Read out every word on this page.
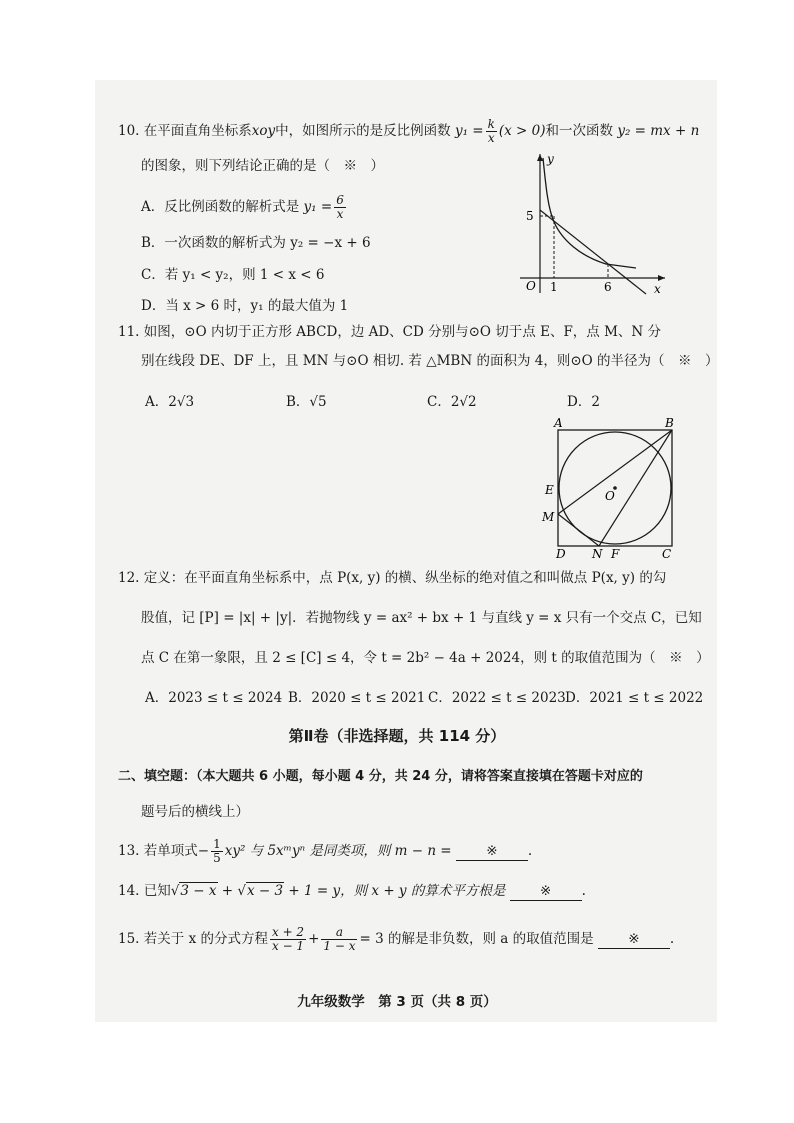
10. 在平面直角坐标系xoy中，如图所示的是反比例函数 $y_1 = \frac{k}{x} (x > 0)$和一次函数 y₂ = mx + n
的图象，则下列结论正确的是（　※　）
A．反比例函数的解析式是 $y_1 = \frac{6}{x}$
B．一次函数的解析式为 y₂ = −x + 6
C．若 y₁ < y₂，则 1 < x < 6
D．当 x > 6 时，y₁ 的最大值为 1
y
x
O
5
1	6
11. 如图，⊙O 内切于正方形 ABCD，边 AD、CD 分别与⊙O 切于点 E、F，点 M、N 分
别在线段 DE、DF 上，且 MN 与⊙O 相切. 若 △MBN 的面积为 4，则⊙O 的半径为（　※　）
A．2√3	B．√5	C．2√2	D．2
A	B
E	O
M
D N F	C
12. 定义：在平面直角坐标系中，点 P(x, y) 的横、纵坐标的绝对值之和叫做点 P(x, y) 的勾
股值，记 [P] = |x| + |y|．若抛物线 y = ax² + bx + 1 与直线 y = x 只有一个交点 C，已知
点 C 在第一象限，且 2 ≤ [C] ≤ 4，令 t = 2b² − 4a + 2024，则 t 的取值范围为（　※　）
A．2023 ≤ t ≤ 2024 B．2020 ≤ t ≤ 2021 C．2022 ≤ t ≤ 2023 D．2021 ≤ t ≤ 2022
第Ⅱ卷（非选择题，共 114 分）
二、填空题：（本大题共 6 小题，每小题 4 分，共 24 分，请将答案直接填在答题卡对应的
题号后的横线上）
13. 若单项式− $\frac{1}{5} xy^2$ 与 5xᵐyⁿ 是同类项，则 m − n =	※ .
14. 已知√3 − x + √x − 3 + 1 = y，则 x + y 的算术平方根是	※ .
15. 若关于 x 的分式方程 $\frac{x + 2}{x - 1} + \frac{a}{1 - x} = 3$ 的解是非负数，则 a 的取值范围是	※ .
九年级数学　第 3 页（共 8 页）
